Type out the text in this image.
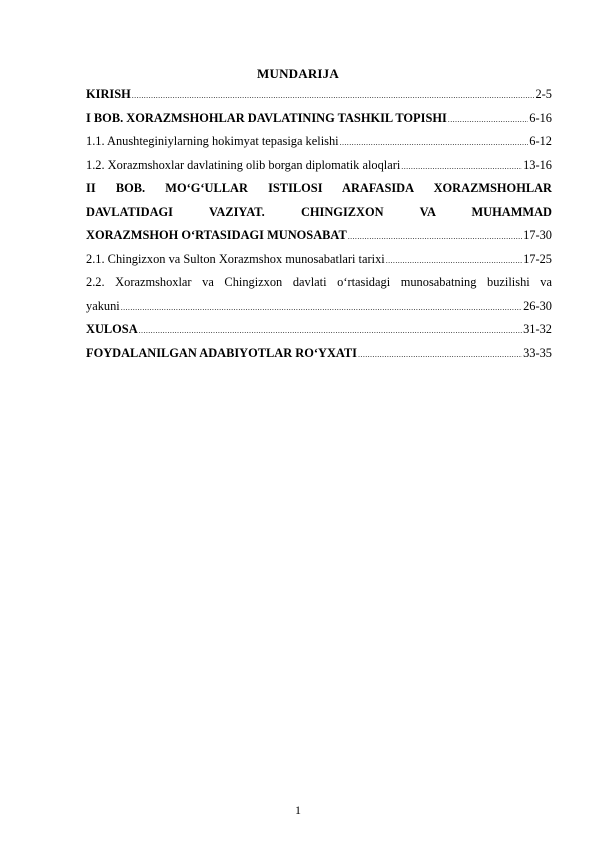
MUNDARIJA
KIRISH .....	2-5
I BOB. XORAZMSHOHLAR DAVLATINING TASHKIL TOPISHI .....	6-16
1.1. Anushteginiylarning hokimyat tepasiga kelishi .....	6-12
1.2. Xorazmshoxlar davlatining olib borgan diplomatik aloqlari .....	13-16
II BOB. MO‘G‘ULLAR ISTILOSI ARAFASIDA XORAZMSHOHLAR
DAVLATIDAGI VAZIYAT. CHINGIZXON VA MUHAMMAD
XORAZMSHOH O‘RTASIDAGI MUNOSABAT .....	17-30
2.1. Chingizxon va Sulton Xorazmshox munosabatlari tarixi .....	17-25
2.2. Xorazmshoxlar va Chingizxon davlati o‘rtasidagi munosabatning buzilishi va
yakuni .....	26-30
XULOSA .....	31-32
FOYDALANILGAN ADABIYOTLAR RO‘YXATI .....	33-35
1
